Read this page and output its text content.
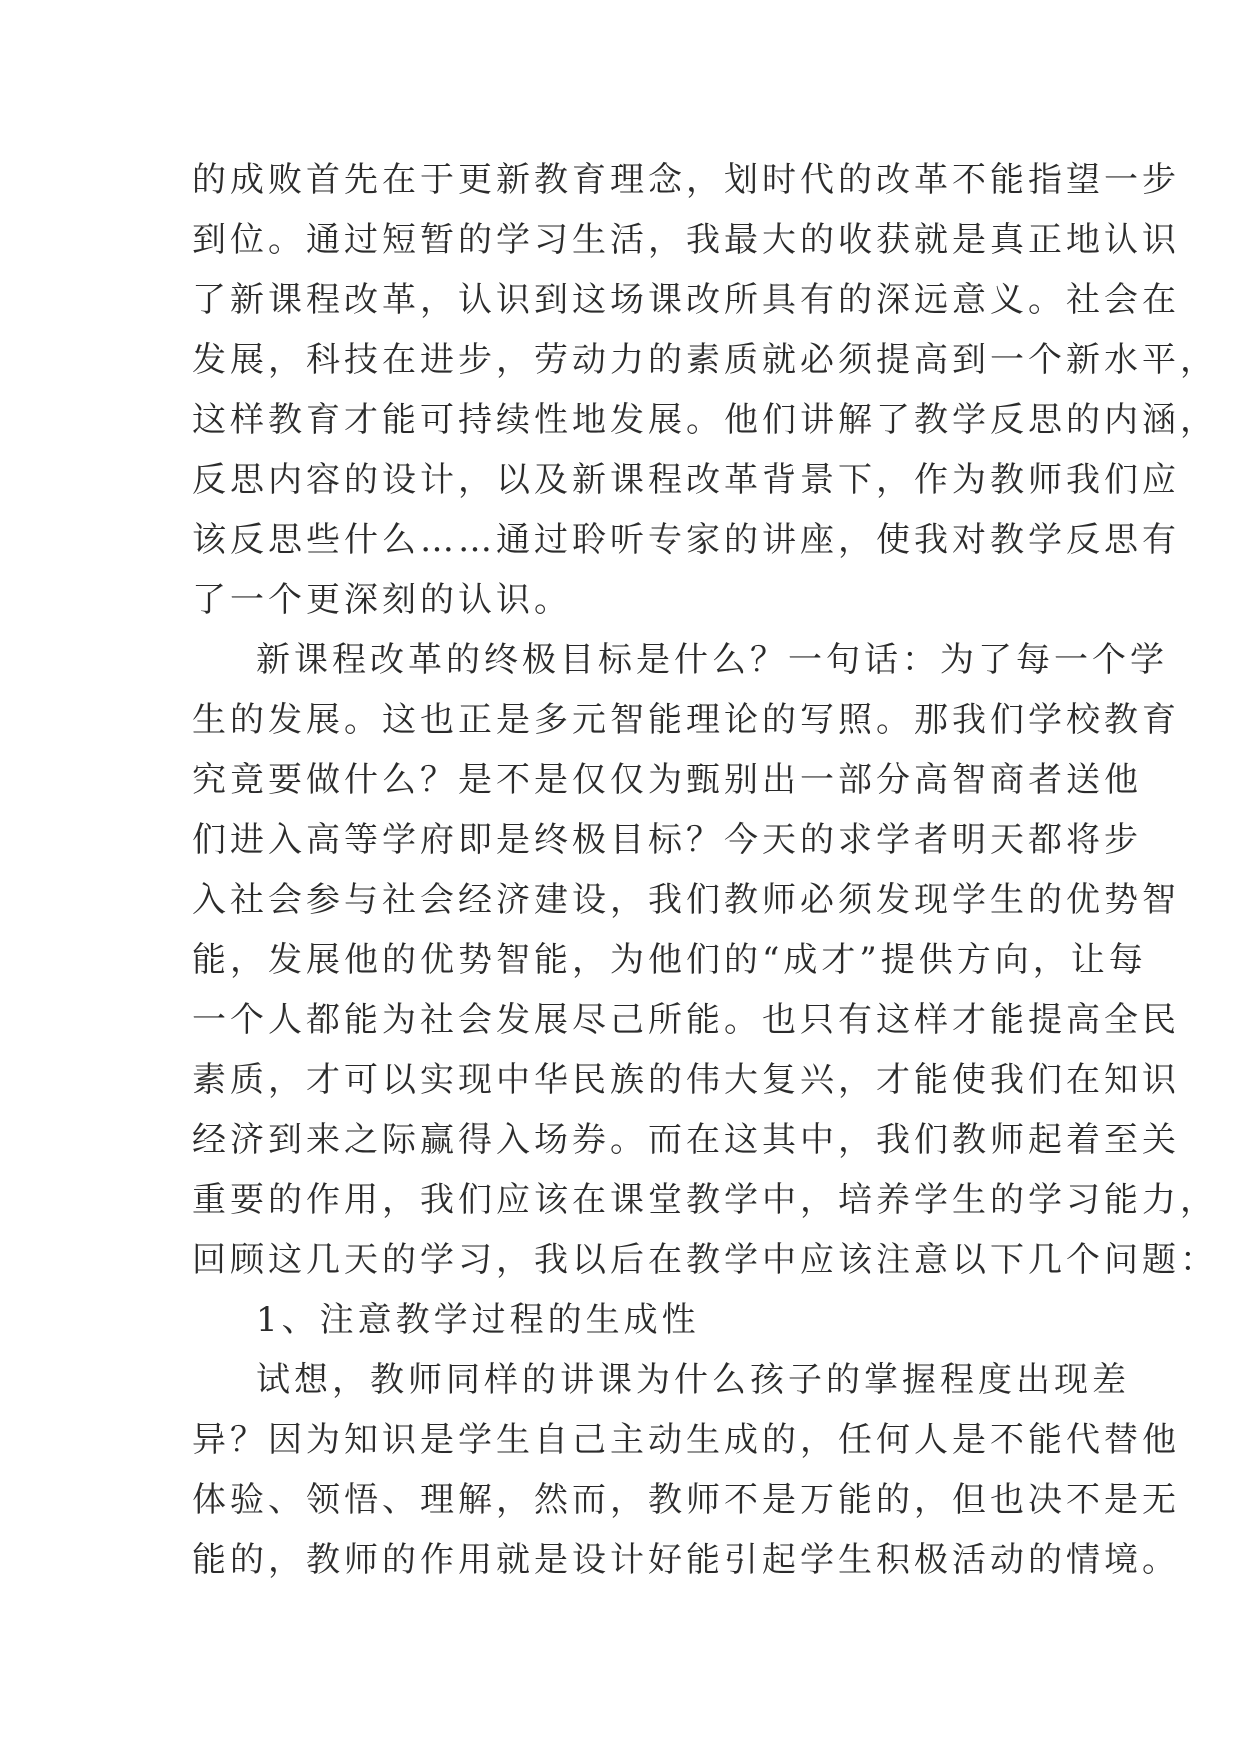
的成败首先在于更新教育理念，划时代的改革不能指望一步
到位。通过短暂的学习生活，我最大的收获就是真正地认识
了新课程改革，认识到这场课改所具有的深远意义。社会在
发展，科技在进步，劳动力的素质就必须提高到一个新水平，
这样教育才能可持续性地发展。他们讲解了教学反思的内涵，
反思内容的设计，以及新课程改革背景下，作为教师我们应
该反思些什么……通过聆听专家的讲座，使我对教学反思有
了一个更深刻的认识。
新课程改革的终极目标是什么？一句话：为了每一个学
生的发展。这也正是多元智能理论的写照。那我们学校教育
究竟要做什么？是不是仅仅为甄别出一部分高智商者送他
们进入高等学府即是终极目标？今天的求学者明天都将步
入社会参与社会经济建设，我们教师必须发现学生的优势智
能，发展他的优势智能，为他们的“成才”提供方向，让每
一个人都能为社会发展尽己所能。也只有这样才能提高全民
素质，才可以实现中华民族的伟大复兴，才能使我们在知识
经济到来之际赢得入场券。而在这其中，我们教师起着至关
重要的作用，我们应该在课堂教学中，培养学生的学习能力，
回顾这几天的学习，我以后在教学中应该注意以下几个问题：
1、注意教学过程的生成性
试想，教师同样的讲课为什么孩子的掌握程度出现差
异？因为知识是学生自己主动生成的，任何人是不能代替他
体验、领悟、理解，然而，教师不是万能的，但也决不是无
能的，教师的作用就是设计好能引起学生积极活动的情境。
